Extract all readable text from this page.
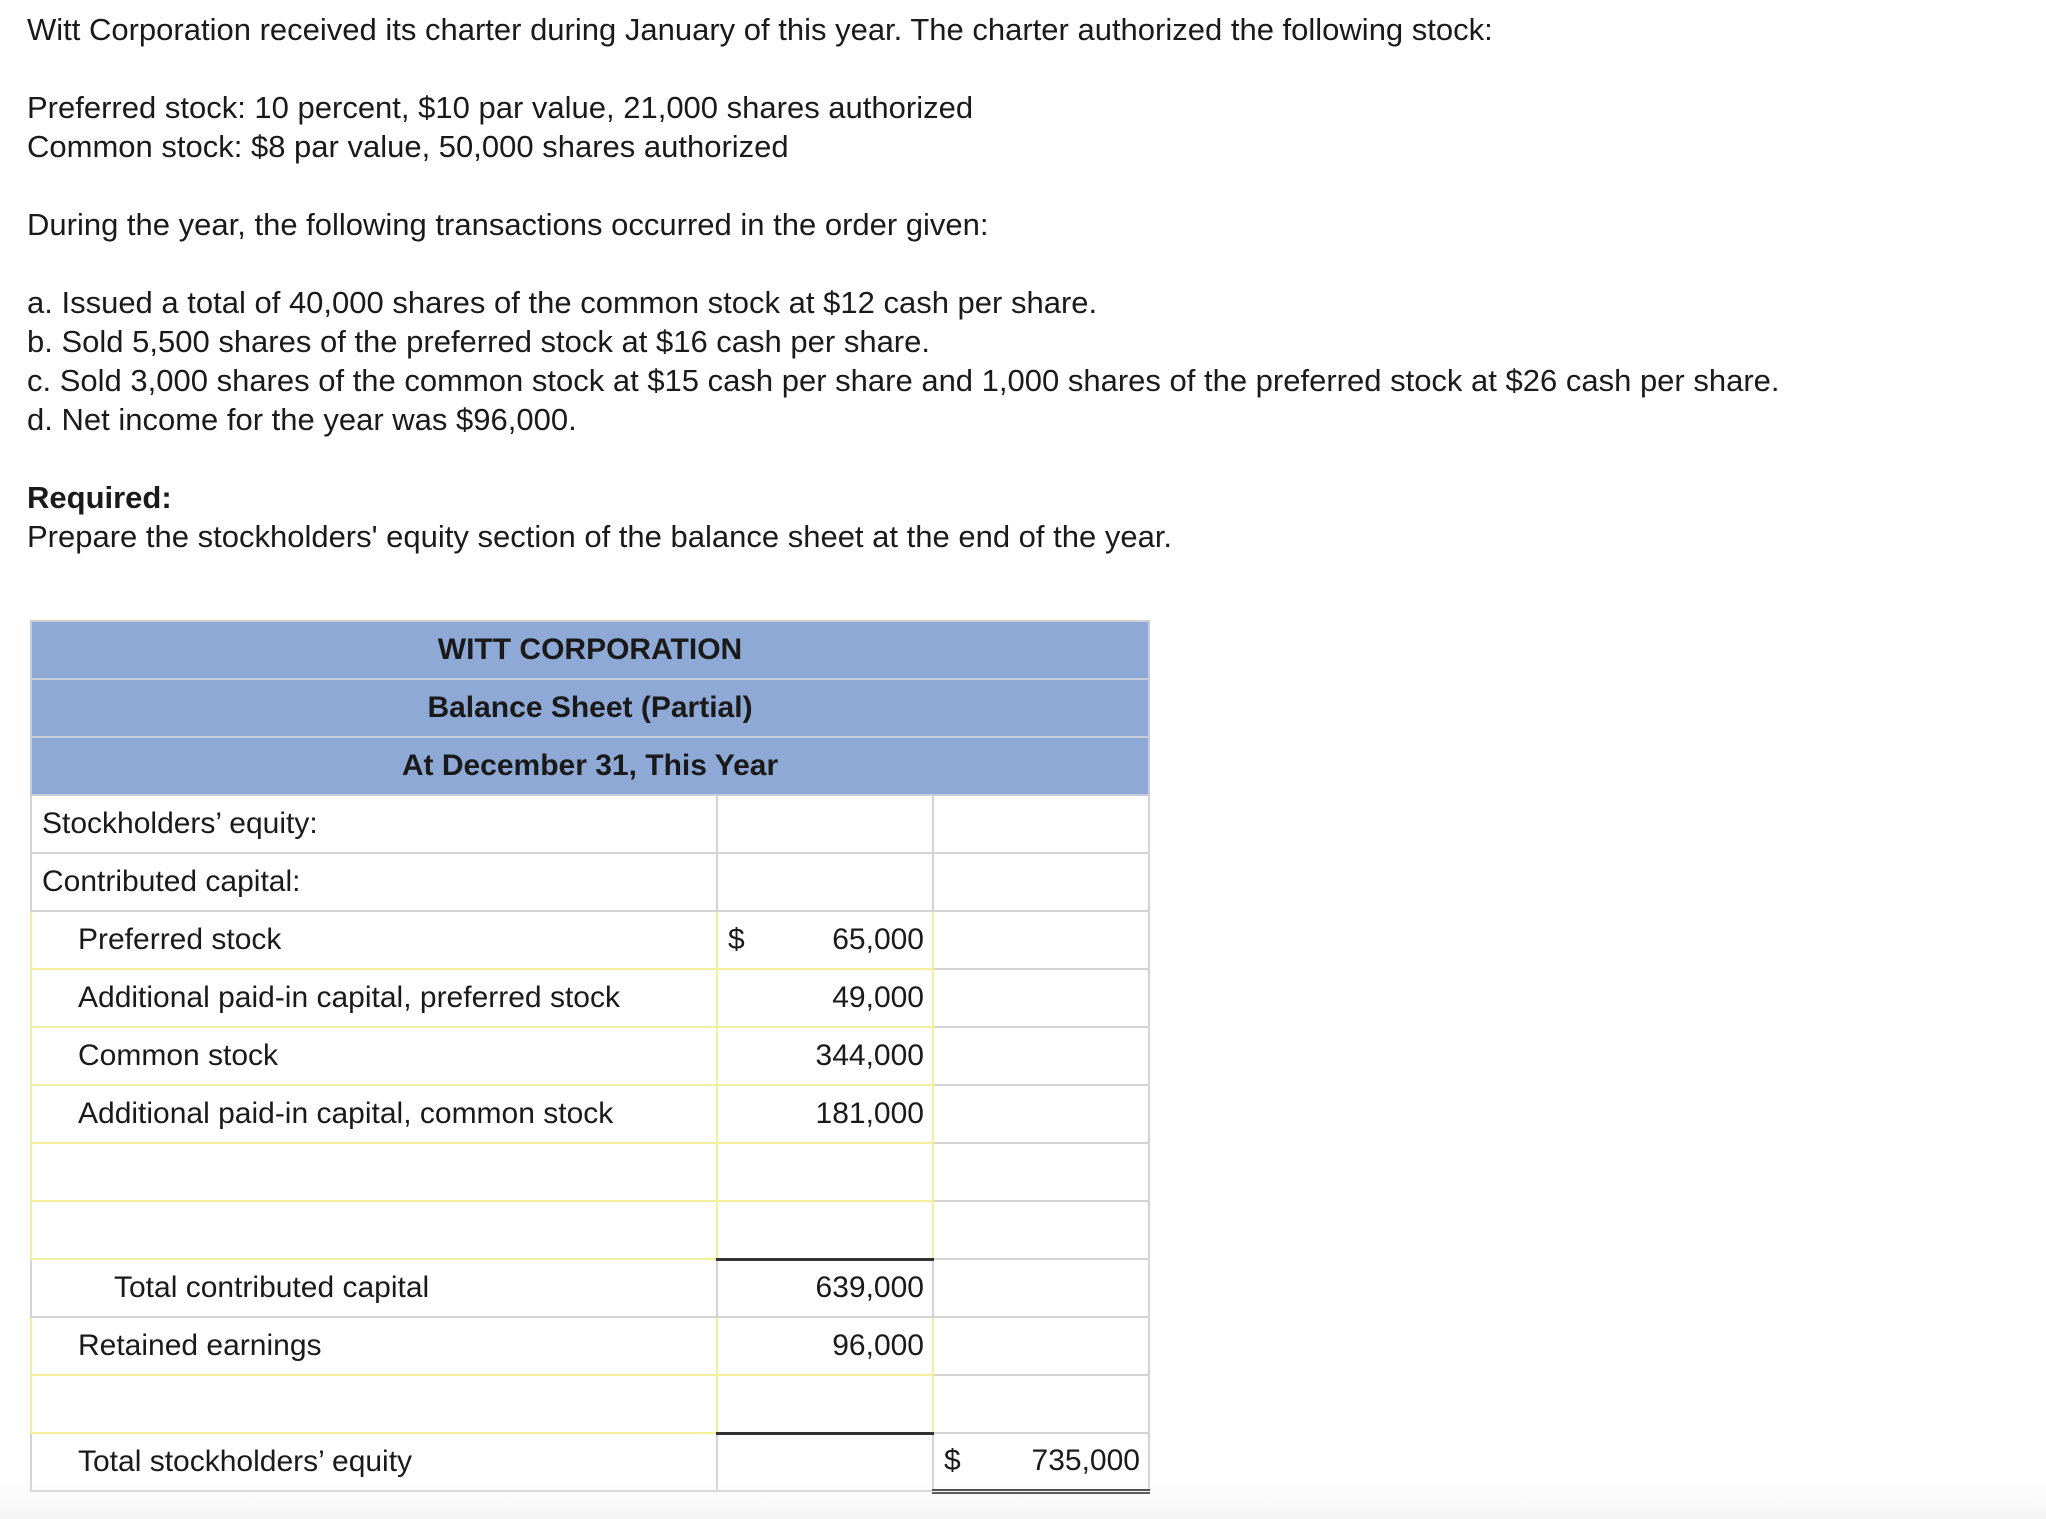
Witt Corporation received its charter during January of this year. The charter authorized the following stock:

Preferred stock: 10 percent, $10 par value, 21,000 shares authorized

Common stock: $8 par value, 50,000 shares authorized

During the year, the following transactions occurred in the order given:

a. Issued a total of 40,000 shares of the common stock at $12 cash per share.

b. Sold 5,500 shares of the preferred stock at $16 cash per share.

c. Sold 3,000 shares of the common stock at $15 cash per share and 1,000 shares of the preferred stock at $26 cash per share.

d. Net income for the year was $96,000.

Required:

Prepare the stockholders' equity section of the balance sheet at the end of the year.

WITT CORPORATION		
Balance Sheet (Partial)		
At December 31, This Year		
Stockholders’ equity:		
Contributed capital:		
Preferred stock	$ 65,000	

Additional paid-in capital, preferred stock	49,000	

Common stock	344,000	

Additional paid-in capital, common stock	181,000	

Total contributed capital	639,000	

Retained earnings	96,000	

Total stockholders’ equity		$ 735,000
